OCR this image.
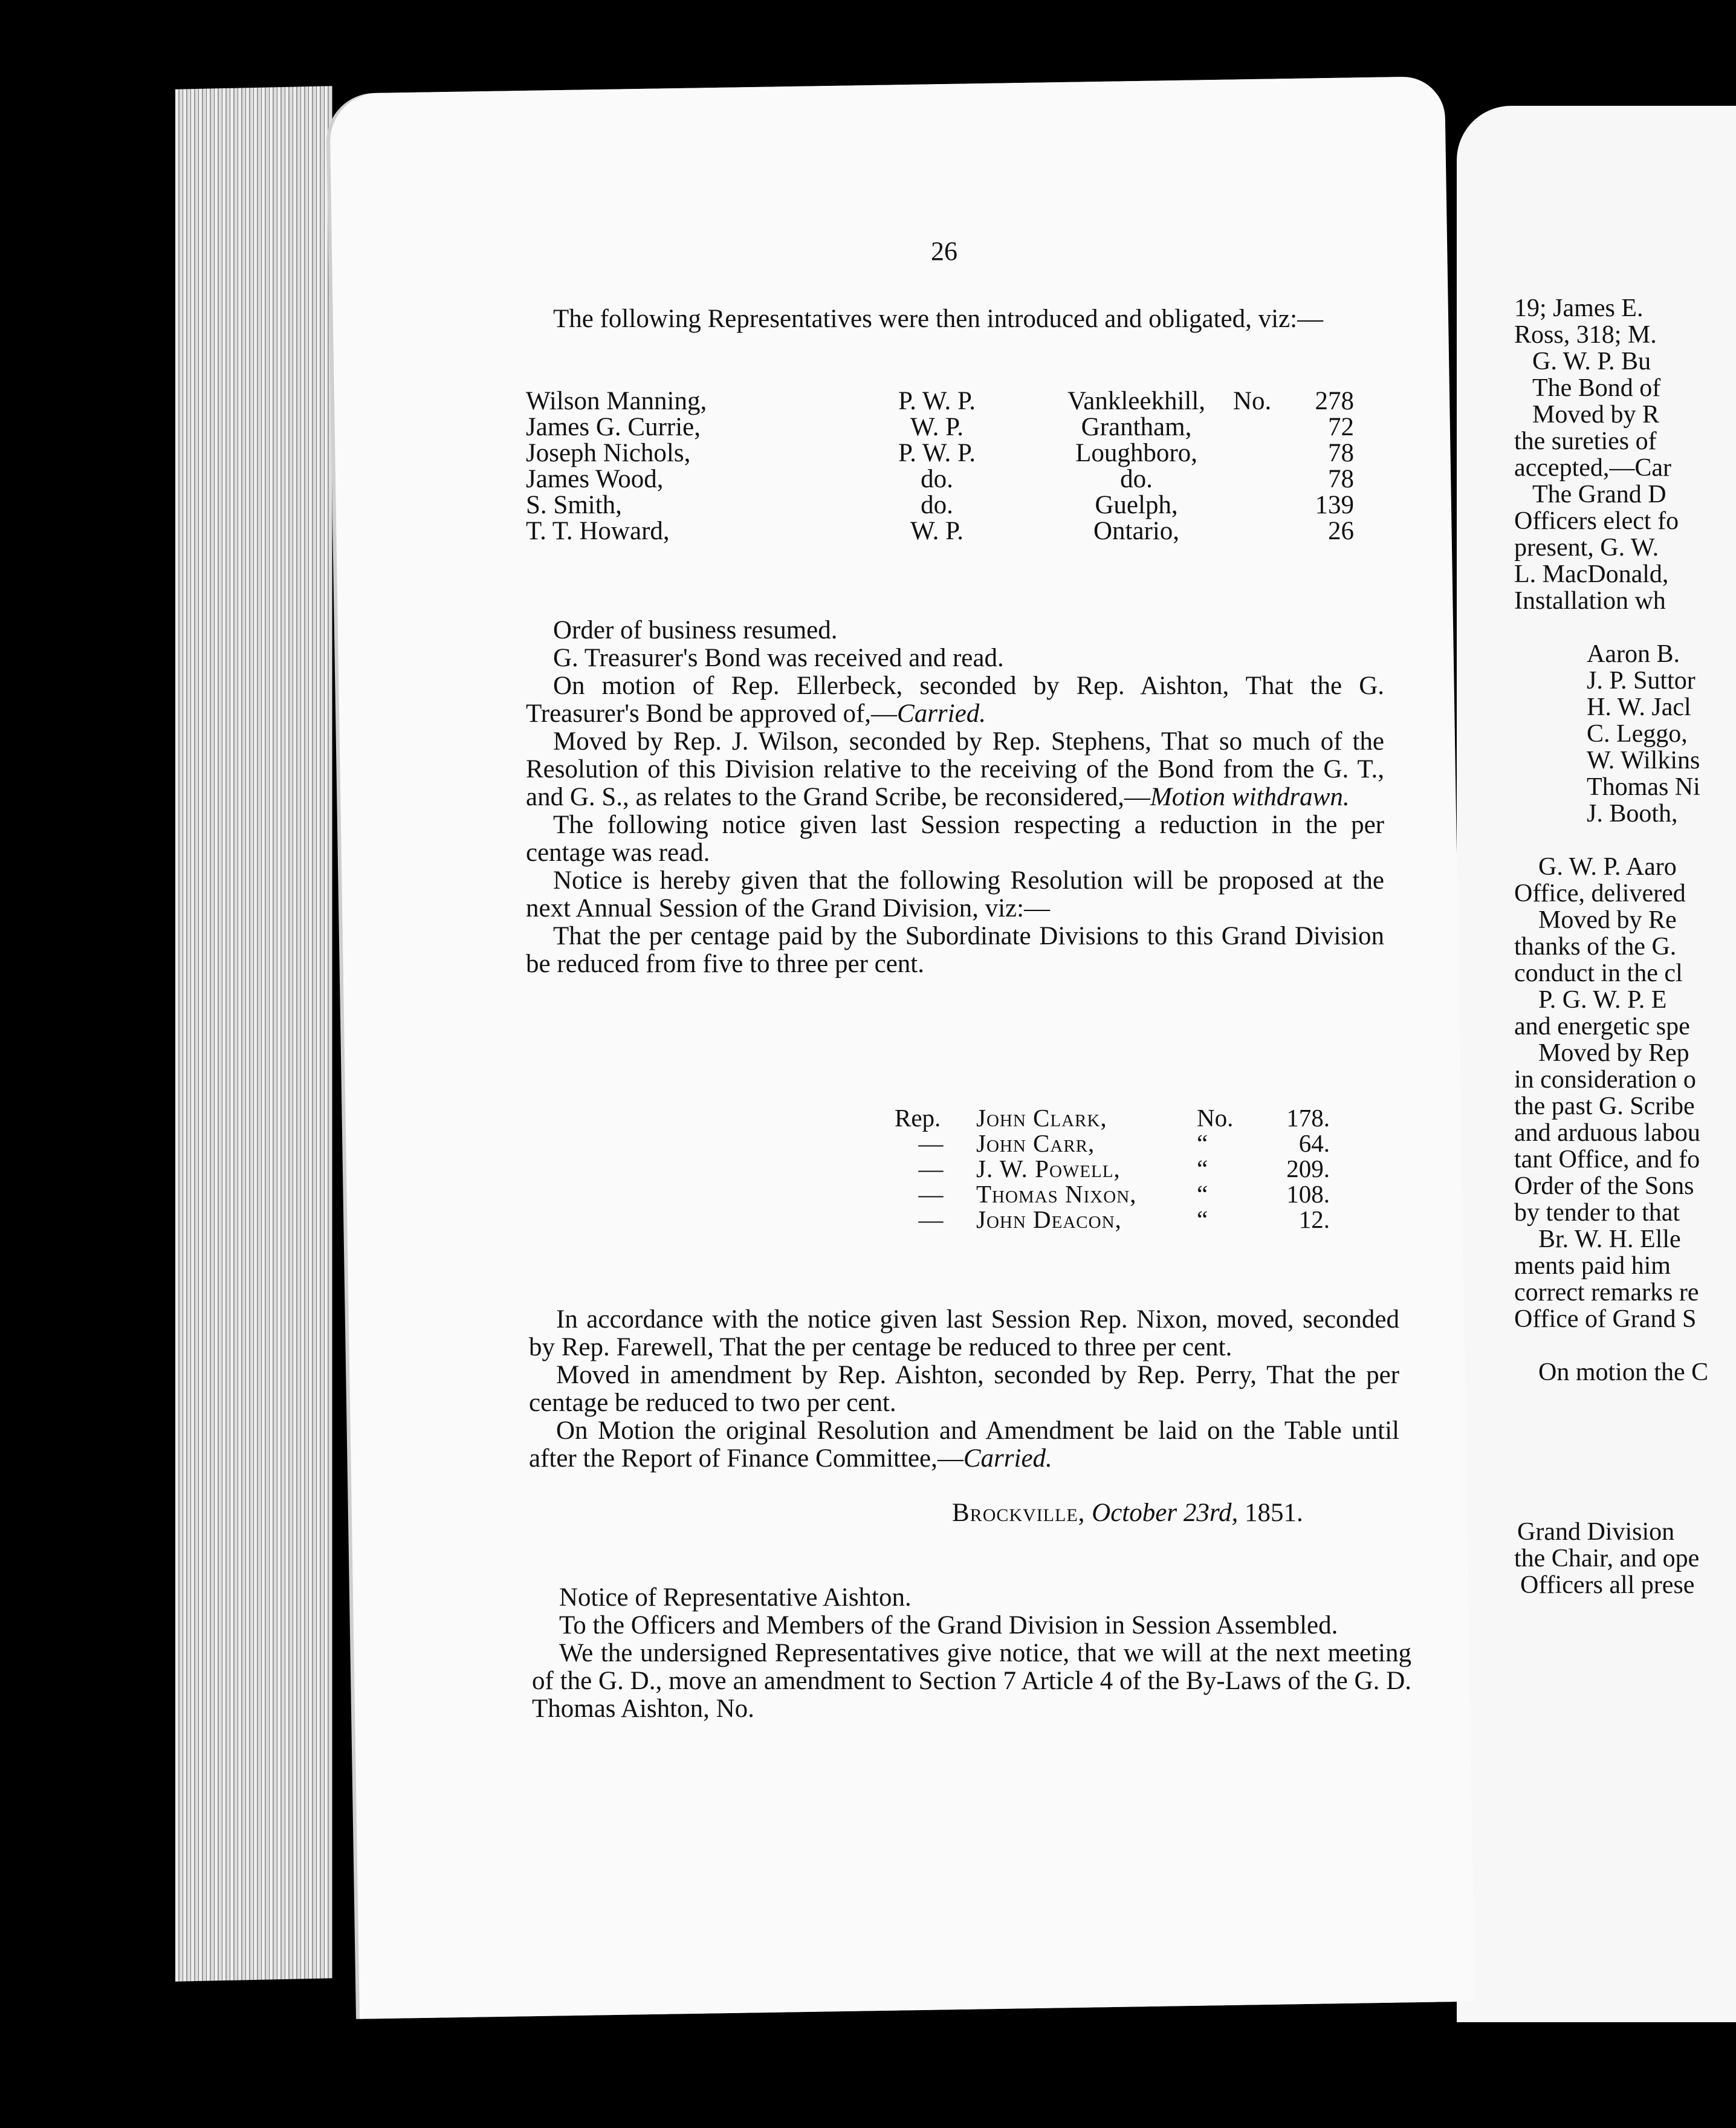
26

The following Representatives were then introduced and obligated, viz:—

Wilson Manning,	P. W. P.	Vankleekhill,	No. 278
James G. Currie,	W. P.	Grantham,	72
Joseph Nichols,	P. W. P.	Loughboro,	78
James Wood,	do.	do.	78
S. Smith,	do.	Guelph,	139
T. T. Howard,	W. P.	Ontario,	26

Order of business resumed.

G. Treasurer's Bond was received and read.

On motion of Rep. Ellerbeck, seconded by Rep. Aishton, That the G. Treasurer's Bond be approved of,—Carried.

Moved by Rep. J. Wilson, seconded by Rep. Stephens, That so much of the Resolution of this Division relative to the receiving of the Bond from the G. T., and G. S., as relates to the Grand Scribe, be reconsidered,—Motion withdrawn.

The following notice given last Session respecting a reduction in the per centage was read.

Notice is hereby given that the following Resolution will be proposed at the next Annual Session of the Grand Division, viz:—

That the per centage paid by the Subordinate Divisions to this Grand Division be reduced from five to three per cent.

Rep.	John Clark,	No. 178.
—	John Carr,	“	64.
—	J. W. Powell,	“	209.
—	Thomas Nixon, “	108.
—	John Deacon,	“	12.

In accordance with the notice given last Session Rep. Nixon, moved, seconded by Rep. Farewell, That the per centage be reduced to three per cent.

Moved in amendment by Rep. Aishton, seconded by Rep. Perry, That the per centage be reduced to two per cent.

On Motion the original Resolution and Amendment be laid on the Table until after the Report of Finance Committee,—Carried.

Brockville, October 23rd, 1851.

Notice of Representative Aishton.

To the Officers and Members of the Grand Division in Session Assembled.

We the undersigned Representatives give notice, that we will at the next meeting of the G. D., move an amendment to Section 7 Article 4 of the By-Laws of the G. D. Thomas Aishton, No.

19; James E.
Ross, 318; M.
G. W. P. Bu
The Bond of
Moved by R
the sureties of
accepted,—Car
The Grand D
Officers elect fo
present, G. W.
L. MacDonald,
Installation wh
Aaron B.
J. P. Suttor
H. W. Jacl
C. Leggo,
W. Wilkins
Thomas Ni
J. Booth,
G. W. P. Aaro
Office, delivered
Moved by Re
thanks of the G.
conduct in the cl
P. G. W. P. E
and energetic spe
Moved by Rep
in consideration o
the past G. Scribe
and arduous labou
tant Office, and fo
Order of the Sons
by tender to that
Br. W. H. Elle
ments paid him
correct remarks re
Office of Grand S
On motion the C
Grand Division
the Chair, and ope
Officers all prese
